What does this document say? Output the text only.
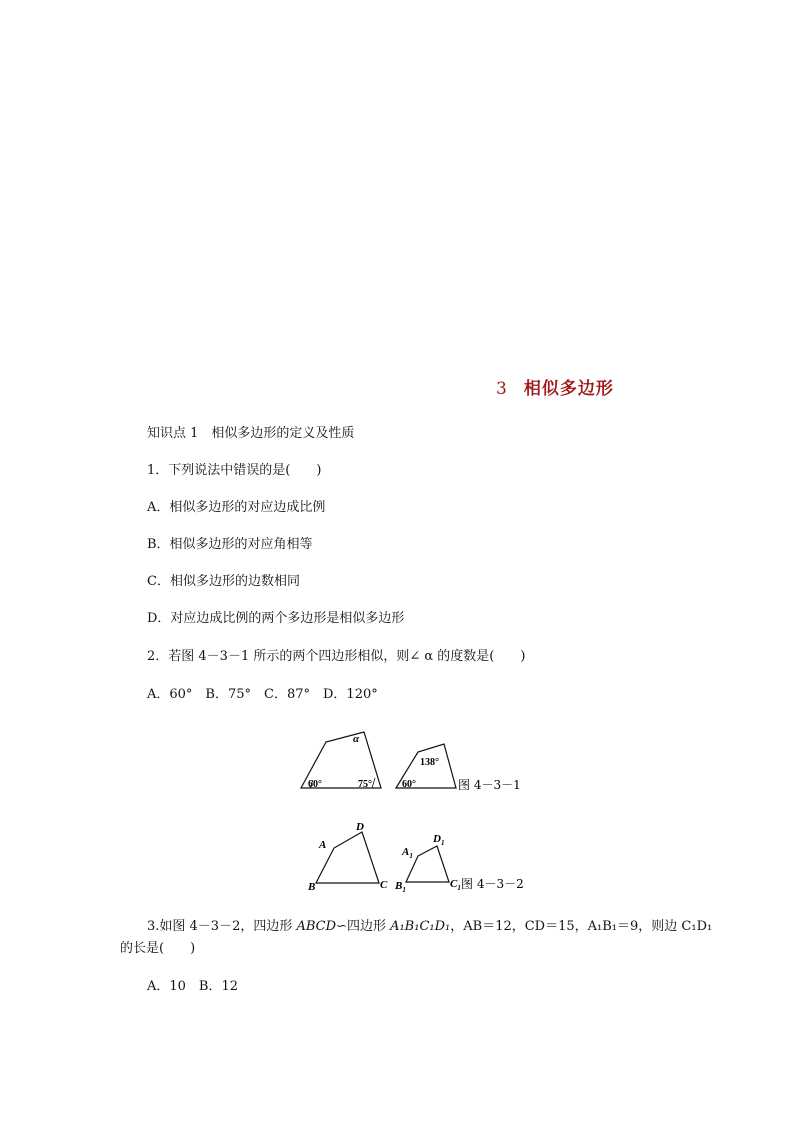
3 相似多边形
知识点 1　相似多边形的定义及性质
1．下列说法中错误的是(　　)
A．相似多边形的对应边成比例
B．相似多边形的对应角相等
C．相似多边形的边数相同
D．对应边成比例的两个多边形是相似多边形
2．若图 4－3－1 所示的两个四边形相似，则∠ α 的度数是(　　)
A．60°　B．75°　C．87°　D．120°
60°	75°
α
138°
60°	图 4－3－1
A
B	C
D
$A_1$
$B_1$	$C_1$
$D_1$
图 4－3－2
3.如图 4－3－2，四边形 ABCD∽四边形 A₁B₁C₁D₁，AB＝12，CD＝15，A₁B₁＝9，则边 C₁D₁
的长是(　　)
A．10　B．12
